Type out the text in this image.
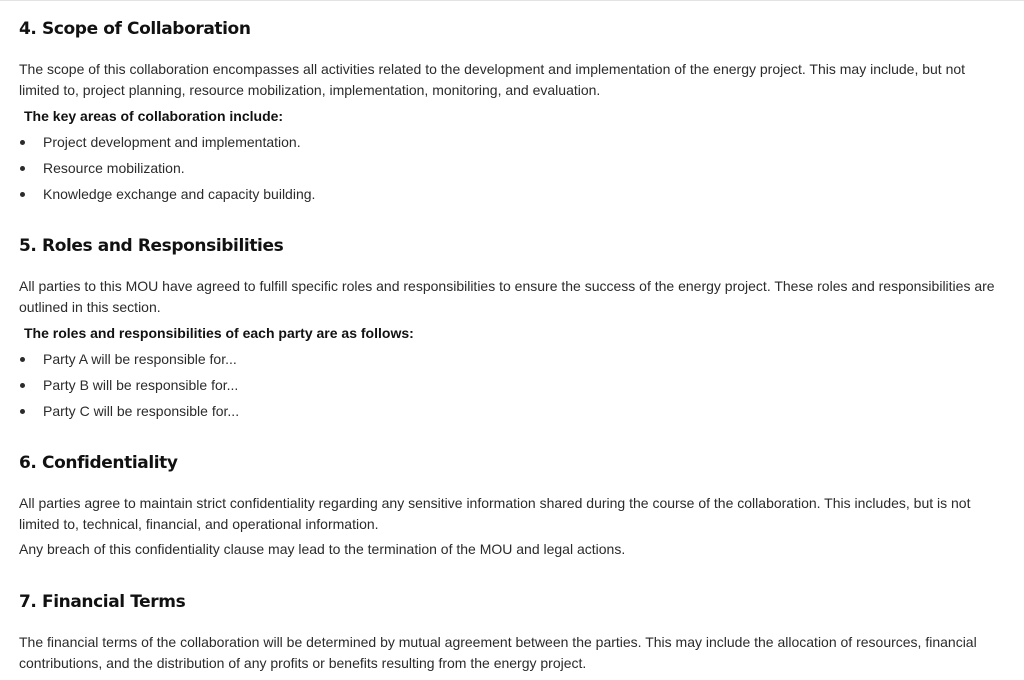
4. Scope of Collaboration

The scope of this collaboration encompasses all activities related to the development and implementation of the energy project. This may include, but not limited to, project planning, resource mobilization, implementation, monitoring, and evaluation.

The key areas of collaboration include:
Project development and implementation.
Resource mobilization.
Knowledge exchange and capacity building.
5. Roles and Responsibilities

All parties to this MOU have agreed to fulfill specific roles and responsibilities to ensure the success of the energy project. These roles and responsibilities are outlined in this section.

The roles and responsibilities of each party are as follows:
Party A will be responsible for...
Party B will be responsible for...
Party C will be responsible for...
6. Confidentiality

All parties agree to maintain strict confidentiality regarding any sensitive information shared during the course of the collaboration. This includes, but is not limited to, technical, financial, and operational information.

Any breach of this confidentiality clause may lead to the termination of the MOU and legal actions.

7. Financial Terms

The financial terms of the collaboration will be determined by mutual agreement between the parties. This may include the allocation of resources, financial contributions, and the distribution of any profits or benefits resulting from the energy project.
